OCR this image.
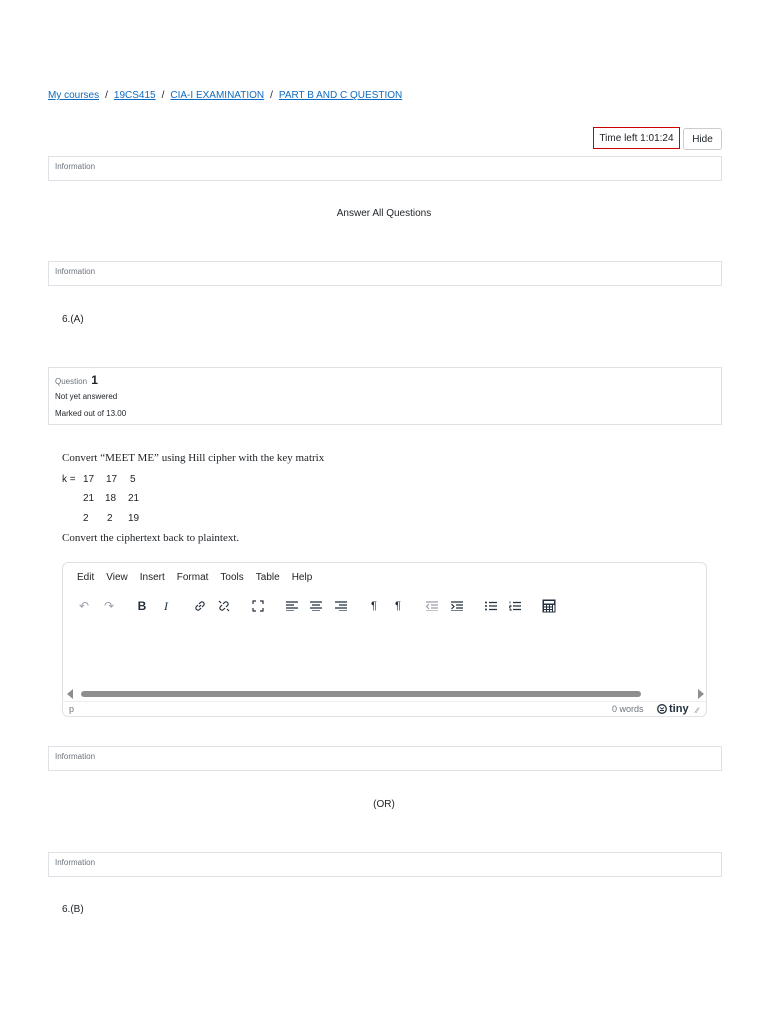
My courses / 19CS415 / CIA-I EXAMINATION / PART B AND C QUESTION
Time left 1:01:24	Hide
Information
Answer All Questions
Information
6.(A)
Question 1
Not yet answered
Marked out of 13.00
Convert “MEET ME” using Hill cipher with the key matrix
k = 17 17 5
21 18 21
2 2 19
Convert the ciphertext back to plaintext.
Edit View Insert Format Tools Table Help
↶	↷	B	I	¶	¶
p	0 words tiny ∕∕
Information
(OR)
Information
6.(B)
